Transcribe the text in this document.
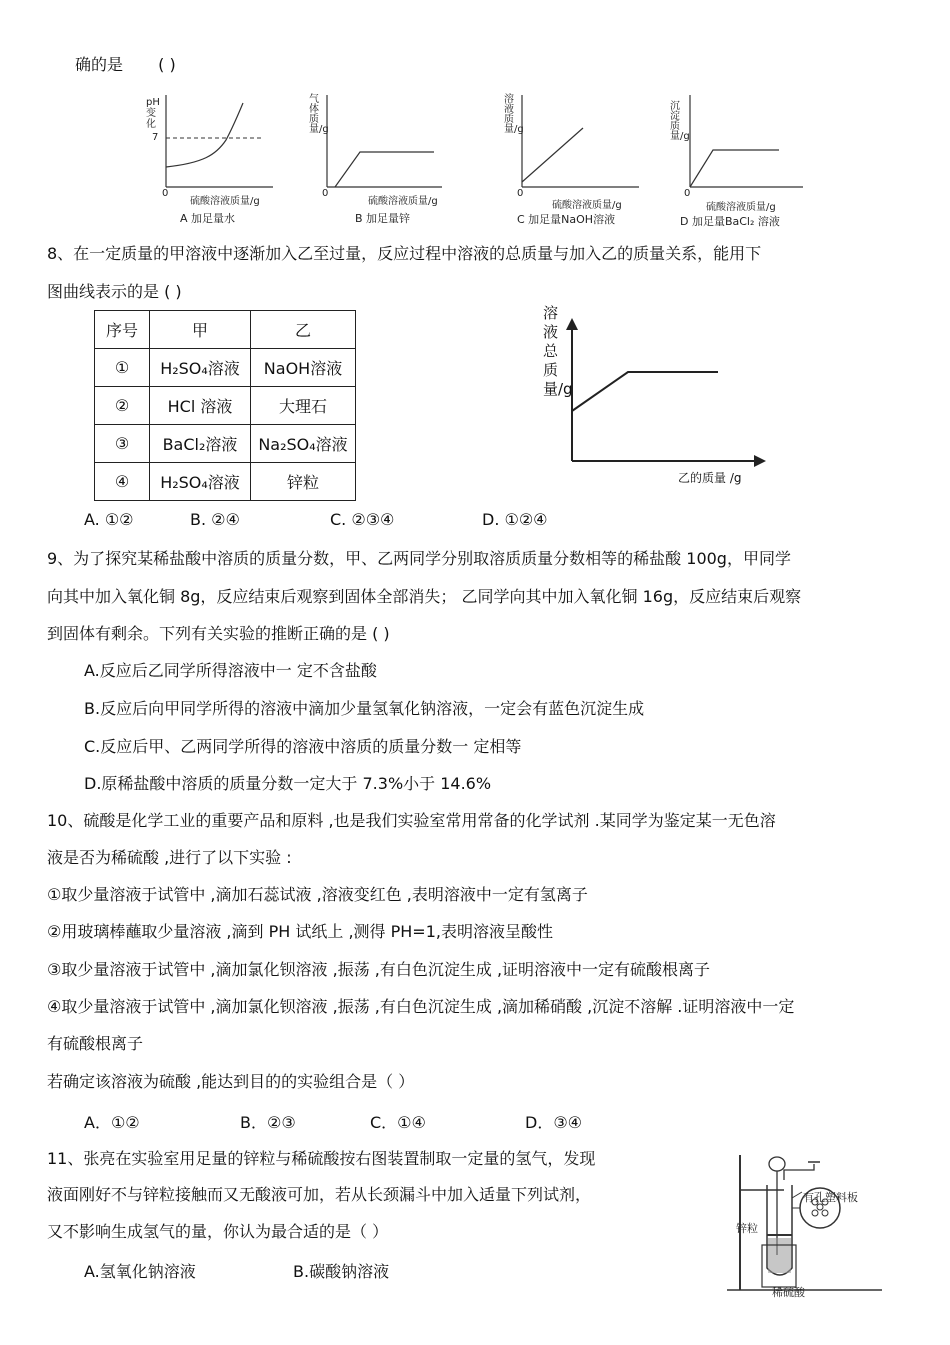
确的是 ( )
pH变化
7
0
硫酸溶液质量/g
A 加足量水
气体质量/g
0
硫酸溶液质量/g
B 加足量锌
溶液质量/g
0
硫酸溶液质量/g
C 加足量NaOH溶液
沉淀质量/g
0
硫酸溶液质量/g
D 加足量BaCl₂ 溶液
8、在一定质量的甲溶液中逐渐加入乙至过量，反应过程中溶液的总质量与加入乙的质量关系，能用下
图曲线表示的是 ( )
序号	甲	乙
①	H₂SO₄溶液	NaOH溶液
②	HCl 溶液	大理石
③	BaCl₂溶液	Na₂SO₄溶液
④	H₂SO₄溶液	锌粒
溶液总质量/g
乙的质量 /g
A. ①②	B. ②④	C. ②③④	D. ①②④
9、为了探究某稀盐酸中溶质的质量分数，甲、乙两同学分别取溶质质量分数相等的稀盐酸 100g，甲同学
向其中加入氧化铜 8g，反应结束后观察到固体全部消失； 乙同学向其中加入氧化铜 16g，反应结束后观察
到固体有剩余。下列有关实验的推断正确的是 ( )
A.反应后乙同学所得溶液中一 定不含盐酸
B.反应后向甲同学所得的溶液中滴加少量氢氧化钠溶液，一定会有蓝色沉淀生成
C.反应后甲、乙两同学所得的溶液中溶质的质量分数一 定相等
D.原稀盐酸中溶质的质量分数一定大于 7.3%小于 14.6%
10、硫酸是化学工业的重要产品和原料 ,也是我们实验室常用常备的化学试剂 .某同学为鉴定某一无色溶
液是否为稀硫酸 ,进行了以下实验 :
①取少量溶液于试管中 ,滴加石蕊试液 ,溶液变红色 ,表明溶液中一定有氢离子
②用玻璃棒蘸取少量溶液 ,滴到 PH 试纸上 ,测得 PH=1,表明溶液呈酸性
③取少量溶液于试管中 ,滴加氯化钡溶液 ,振荡 ,有白色沉淀生成 ,证明溶液中一定有硫酸根离子
④取少量溶液于试管中 ,滴加氯化钡溶液 ,振荡 ,有白色沉淀生成 ,滴加稀硝酸 ,沉淀不溶解 .证明溶液中一定
有硫酸根离子
若确定该溶液为硫酸 ,能达到目的的实验组合是（ ）
A．①②	B．②③	C．①④	D．③④
11、张亮在实验室用足量的锌粒与稀硫酸按右图装置制取一定量的氢气，发现
液面刚好不与锌粒接触而又无酸液可加，若从长颈漏斗中加入适量下列试剂，
又不影响生成氢气的量，你认为最合适的是（ ）
A.氢氧化钠溶液	B.碳酸钠溶液
有孔塑料板
锌粒
稀硫酸
